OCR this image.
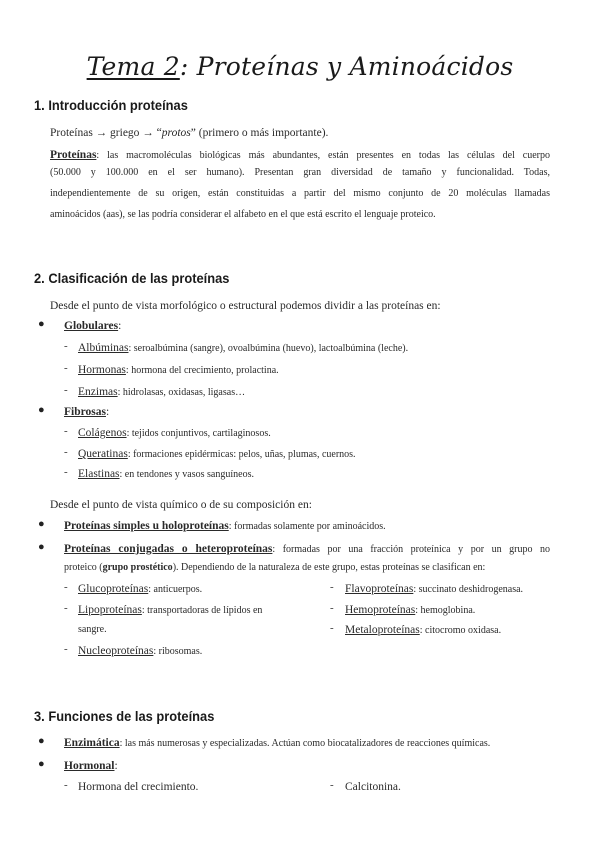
Tema 2: Proteínas y Aminoácidos
1. Introducción proteínas
Proteínas → griego → “protos” (primero o más importante).
Proteínas: las macromoléculas biológicas más abundantes, están presentes en todas las células del cuerpo
(50.000 y 100.000 en el ser humano). Presentan gran diversidad de tamaño y funcionalidad. Todas,
independientemente de su origen, están constituidas a partir del mismo conjunto de 20 moléculas llamadas
aminoácidos (aas), se las podría considerar el alfabeto en el que está escrito el lenguaje proteico.
2. Clasificación de las proteínas
Desde el punto de vista morfológico o estructural podemos dividir a las proteínas en:
● Globulares:
- Albúminas: seroalbúmina (sangre), ovoalbúmina (huevo), lactoalbúmina (leche).
- Hormonas: hormona del crecimiento, prolactina.
- Enzimas: hidrolasas, oxidasas, ligasas…
● Fibrosas:
- Colágenos: tejidos conjuntivos, cartilaginosos.
- Queratinas: formaciones epidérmicas: pelos, uñas, plumas, cuernos.
- Elastinas: en tendones y vasos sanguíneos.
Desde el punto de vista químico o de su composición en:
● Proteínas simples u holoproteínas: formadas solamente por aminoácidos.
● Proteínas conjugadas o heteroproteínas: formadas por una fracción proteínica y por un grupo no
proteico (grupo prostético). Dependiendo de la naturaleza de este grupo, estas proteínas se clasifican en:
- Glucoproteínas: anticuerpos.
- Lipoproteínas: transportadoras de lípidos en
sangre.
- Nucleoproteínas: ribosomas.
- Flavoproteínas: succinato deshidrogenasa.
- Hemoproteínas: hemoglobina.
- Metaloproteínas: citocromo oxidasa.
3. Funciones de las proteínas
● Enzimática: las más numerosas y especializadas. Actúan como biocatalizadores de reacciones químicas.
● Hormonal:
- Hormona del crecimiento.	- Calcitonina.
